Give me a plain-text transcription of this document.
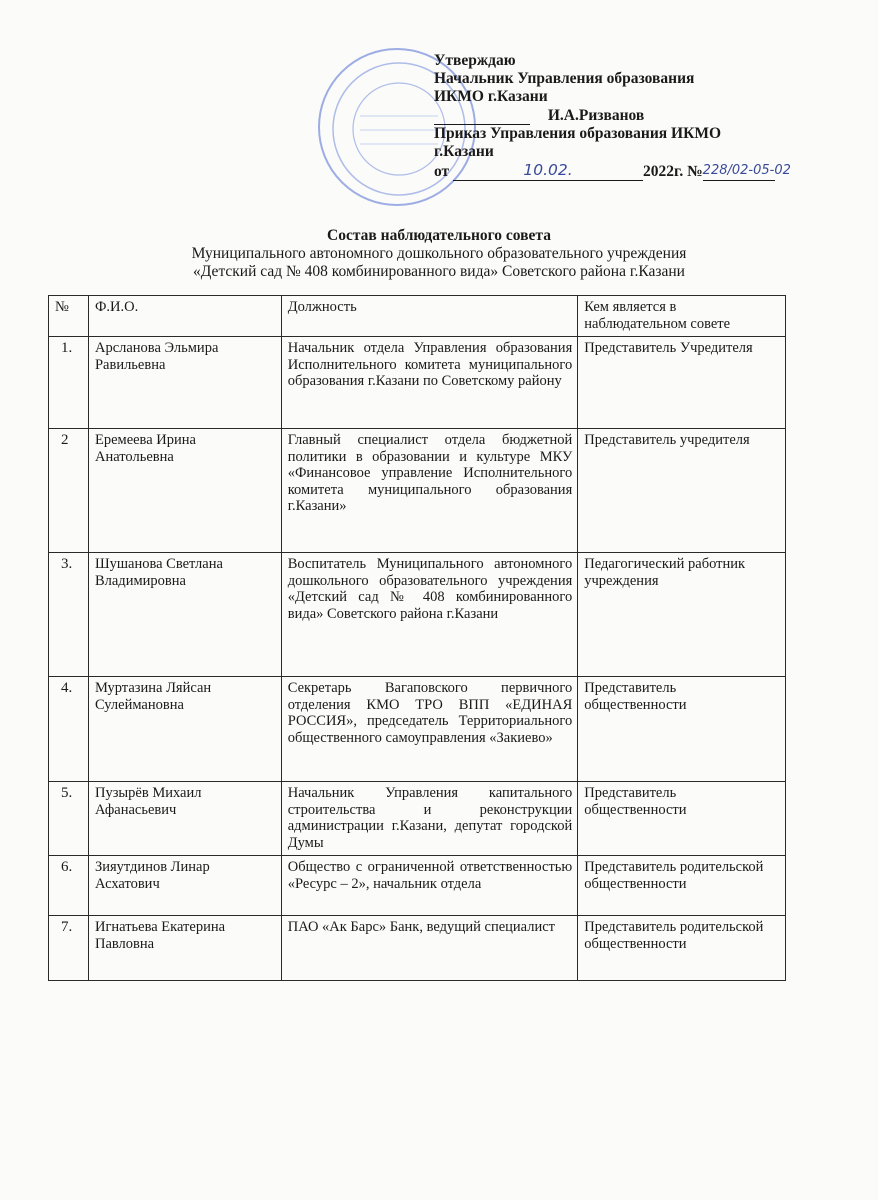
Утверждаю
Начальник Управления образования
ИКМО г.Казани
И.А.Ризванов
Приказ Управления образования ИКМО
г.Казани
от	10.02.	2022г. №228/02-05-02
Состав наблюдательного совета
Муниципального автономного дошкольного образовательного учреждения
«Детский сад № 408 комбинированного вида» Советского района г.Казани
№	Ф.И.О.	Должность	Кем является в наблюдательном совете
1.	Арсланова Эльмира Равильевна	Начальник отдела Управления образования Исполнительного комитета муниципального образования г.Казани по Советскому району	Представитель Учредителя
2	Еремеева Ирина Анатольевна	Главный специалист отдела бюджетной политики в образовании и культуре МКУ «Финансовое управление Исполнительного комитета муниципального образования г.Казани»	Представитель учредителя
3.	Шушанова Светлана Владимировна	Воспитатель Муниципального автономного дошкольного образовательного учреждения «Детский сад № 408 комбинированного вида» Советского района г.Казани	Педагогический работник учреждения
4.	Муртазина Ляйсан Сулеймановна	Секретарь Вагаповского первичного отделения КМО ТРО ВПП «ЕДИНАЯ РОССИЯ», председатель Территориального общественного самоуправления «Закиево»	Представитель общественности
5.	Пузырёв Михаил Афанасьевич	Начальник Управления капитального строительства и реконструкции администрации г.Казани, депутат городской Думы	Представитель общественности
6.	Зияутдинов Линар Асхатович	Общество с ограниченной ответственностью «Ресурс – 2», начальник отдела	Представитель родительской общественности
7.	Игнатьева Екатерина Павловна	ПАО «Ак Барс» Банк, ведущий специалист	Представитель родительской общественности
